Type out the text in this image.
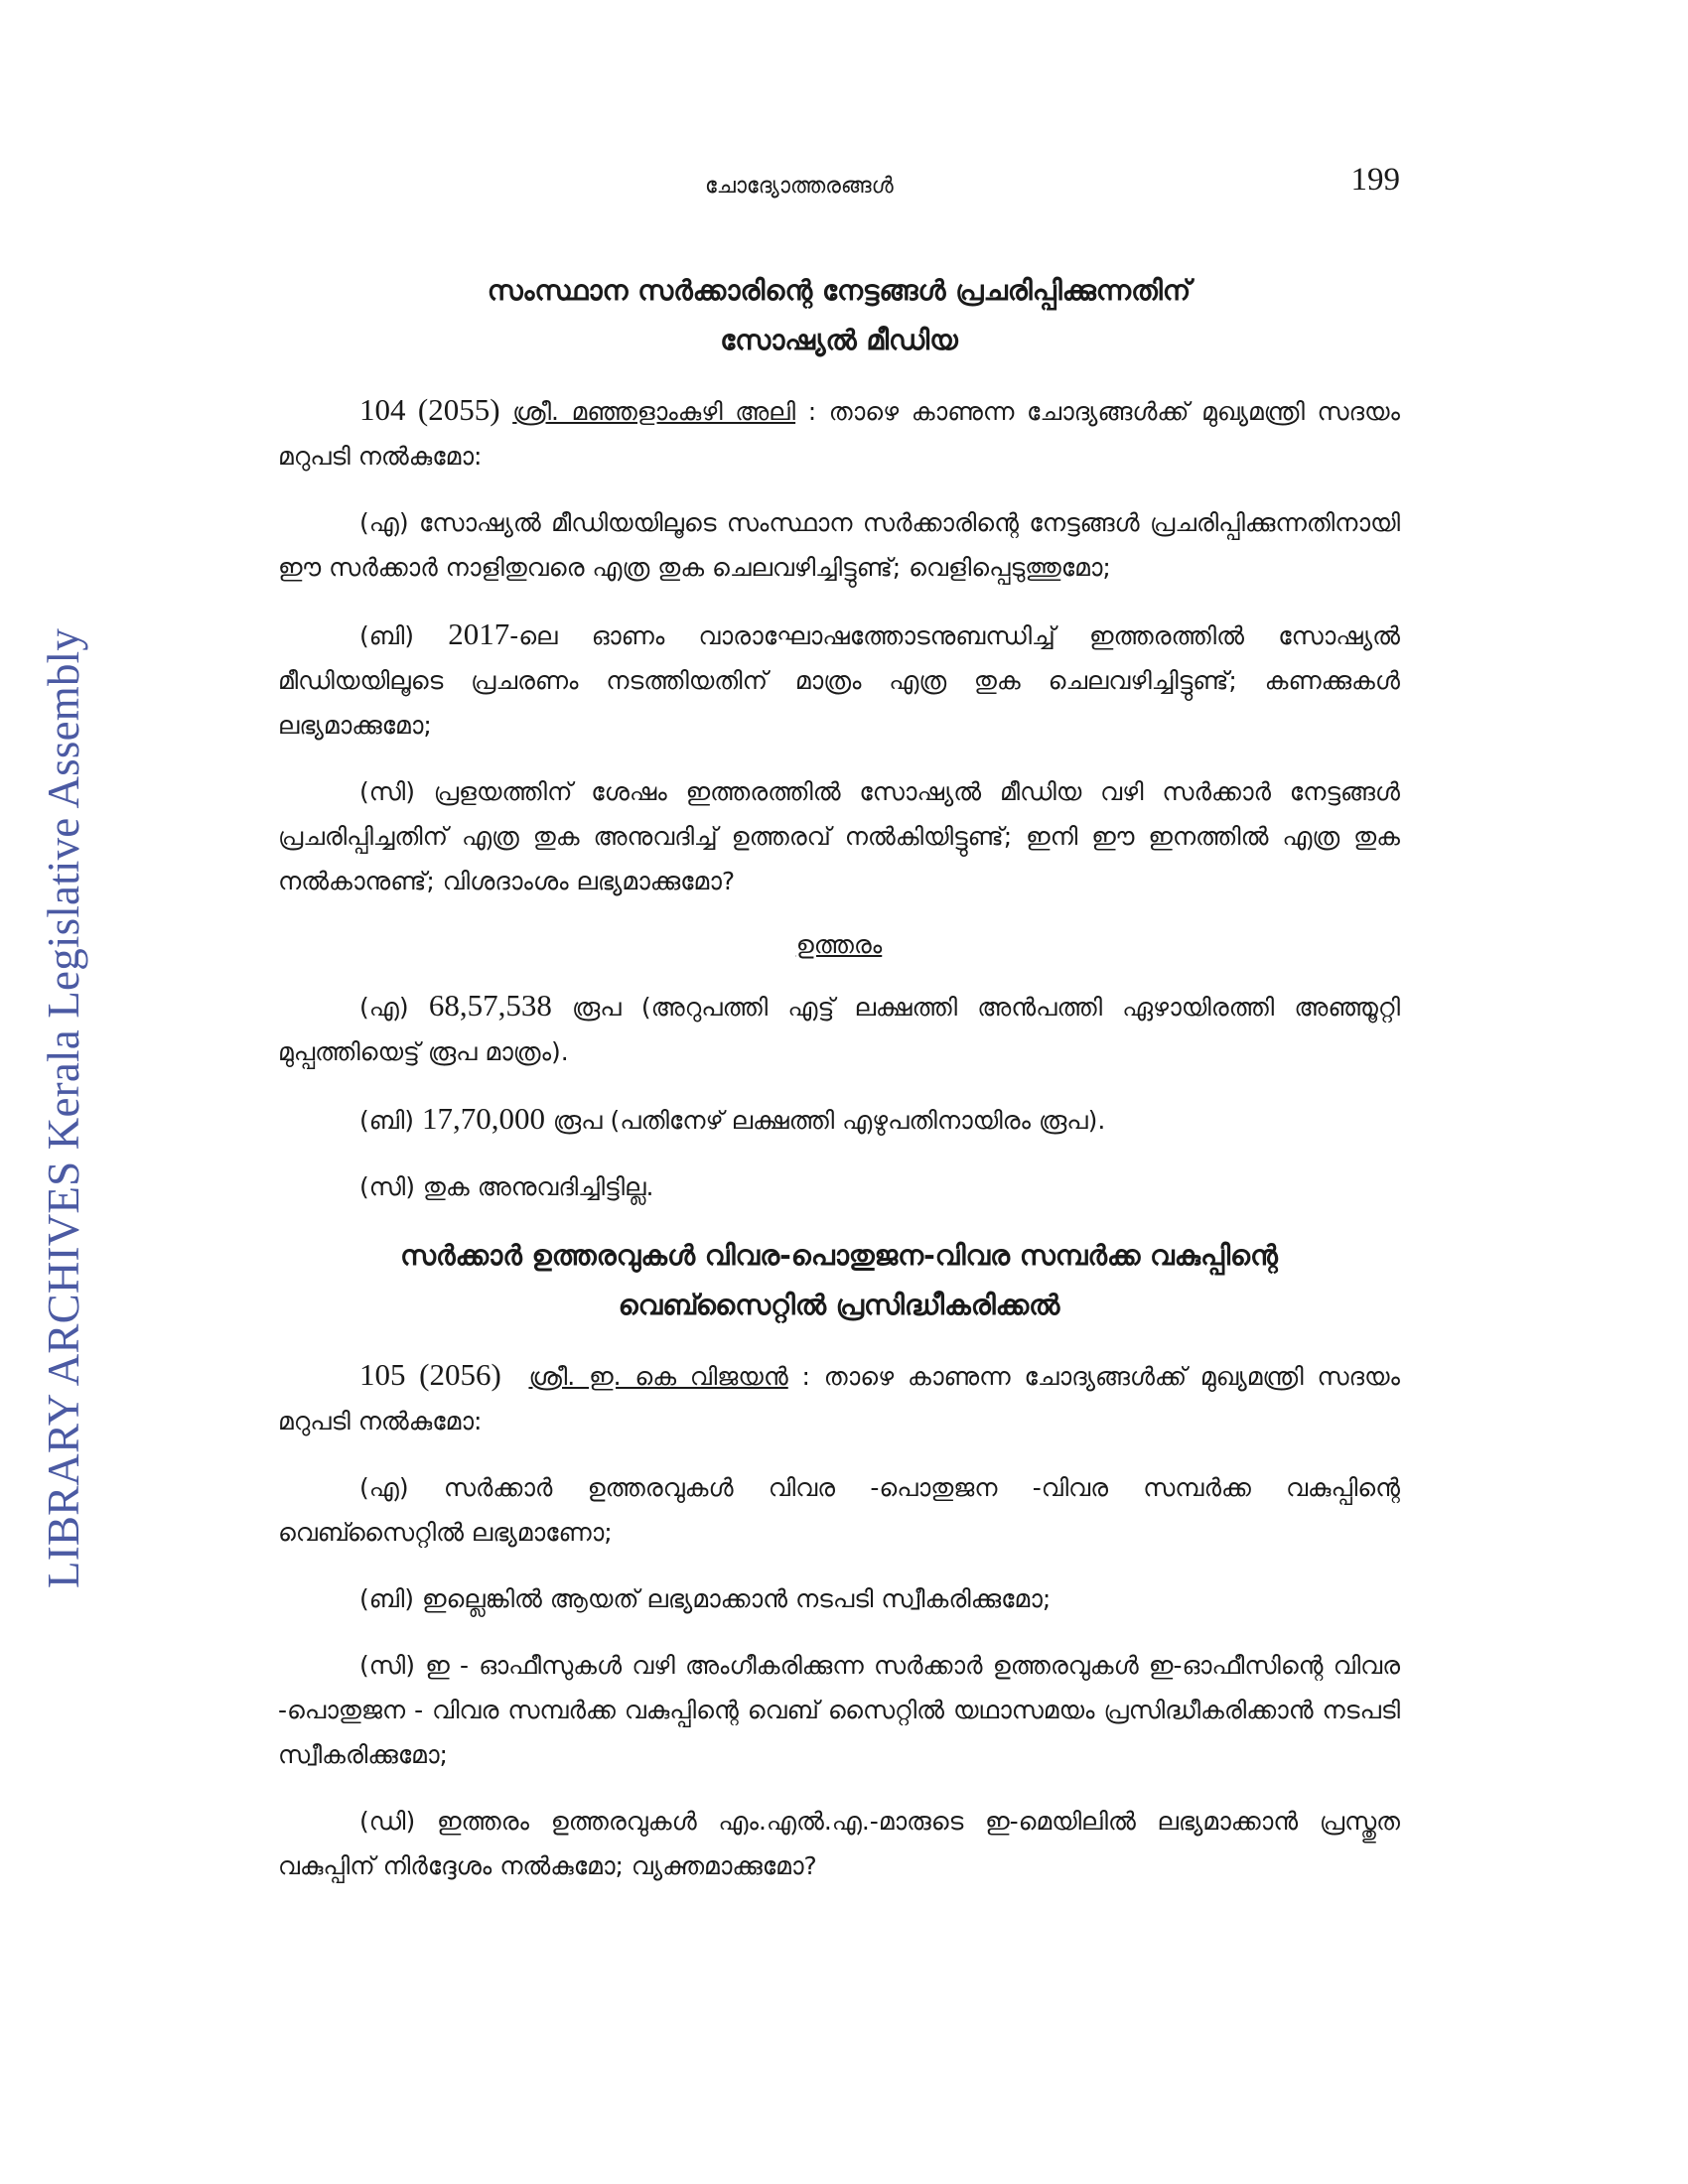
LIBRARY ARCHIVES Kerala Legislative Assembly
ചോദ്യോത്തരങ്ങൾ	199
സംസ്ഥാന സർക്കാരിന്റെ നേട്ടങ്ങൾ പ്രചരിപ്പിക്കുന്നതിന്
സോഷ്യൽ മീഡിയ

104 (2055) ശ്രീ. മഞ്ഞളാംകുഴി അലി : താഴെ കാണുന്ന ചോദ്യങ്ങൾക്ക് മുഖ്യമന്ത്രി സദയം മറുപടി നൽകുമോ:

(എ) സോഷ്യൽ മീഡിയയിലൂടെ സംസ്ഥാന സർക്കാരിന്റെ നേട്ടങ്ങൾ പ്രചരിപ്പിക്കുന്നതിനായി ഈ സർക്കാർ നാളിതുവരെ എത്ര തുക ചെലവഴിച്ചിട്ടുണ്ട്; വെളിപ്പെടുത്തുമോ;

(ബി) 2017-ലെ ഓണം വാരാഘോഷത്തോടനുബന്ധിച്ച് ഇത്തരത്തിൽ സോഷ്യൽ മീഡിയയിലൂടെ പ്രചരണം നടത്തിയതിന് മാത്രം എത്ര തുക ചെലവഴിച്ചിട്ടുണ്ട്; കണക്കുകൾ ലഭ്യമാക്കുമോ;

(സി) പ്രളയത്തിന് ശേഷം ഇത്തരത്തിൽ സോഷ്യൽ മീഡിയ വഴി സർക്കാർ നേട്ടങ്ങൾ പ്രചരിപ്പിച്ചതിന് എത്ര തുക അനുവദിച്ച് ഉത്തരവ് നൽകിയിട്ടുണ്ട്; ഇനി ഈ ഇനത്തിൽ എത്ര തുക നൽകാനുണ്ട്; വിശദാംശം ലഭ്യമാക്കുമോ?

ഉത്തരം

(എ) 68,57,538 രൂപ (അറുപത്തി എട്ട് ലക്ഷത്തി അൻപത്തി ഏഴായിരത്തി അഞ്ഞൂറ്റി മുപ്പത്തിയെട്ട് രൂപ മാത്രം).

(ബി) 17,70,000 രൂപ (പതിനേഴ് ലക്ഷത്തി എഴുപതിനായിരം രൂപ).

(സി) തുക അനുവദിച്ചിട്ടില്ല.

സർക്കാർ ഉത്തരവുകൾ വിവര-പൊതുജന-വിവര സമ്പർക്ക വകുപ്പിന്റെ
വെബ്സൈറ്റിൽ പ്രസിദ്ധീകരിക്കൽ

105 (2056) ശ്രീ. ഇ. കെ വിജയൻ : താഴെ കാണുന്ന ചോദ്യങ്ങൾക്ക് മുഖ്യമന്ത്രി സദയം മറുപടി നൽകുമോ:

(എ) സർക്കാർ ഉത്തരവുകൾ വിവര -പൊതുജന -വിവര സമ്പർക്ക വകുപ്പിന്റെ വെബ്സൈറ്റിൽ ലഭ്യമാണോ;

(ബി) ഇല്ലെങ്കിൽ ആയത് ലഭ്യമാക്കാൻ നടപടി സ്വീകരിക്കുമോ;

(സി) ഇ - ഓഫീസുകൾ വഴി അംഗീകരിക്കുന്ന സർക്കാർ ഉത്തരവുകൾ ഇ-ഓഫീസിന്റെ വിവര -പൊതുജന - വിവര സമ്പർക്ക വകുപ്പിന്റെ വെബ് സൈറ്റിൽ യഥാസമയം പ്രസിദ്ധീകരിക്കാൻ നടപടി സ്വീകരിക്കുമോ;

(ഡി) ഇത്തരം ഉത്തരവുകൾ എം.എൽ.എ.-മാരുടെ ഇ-മെയിലിൽ ലഭ്യമാക്കാൻ പ്രസ്തുത വകുപ്പിന് നിർദ്ദേശം നൽകുമോ; വ്യക്തമാക്കുമോ?
